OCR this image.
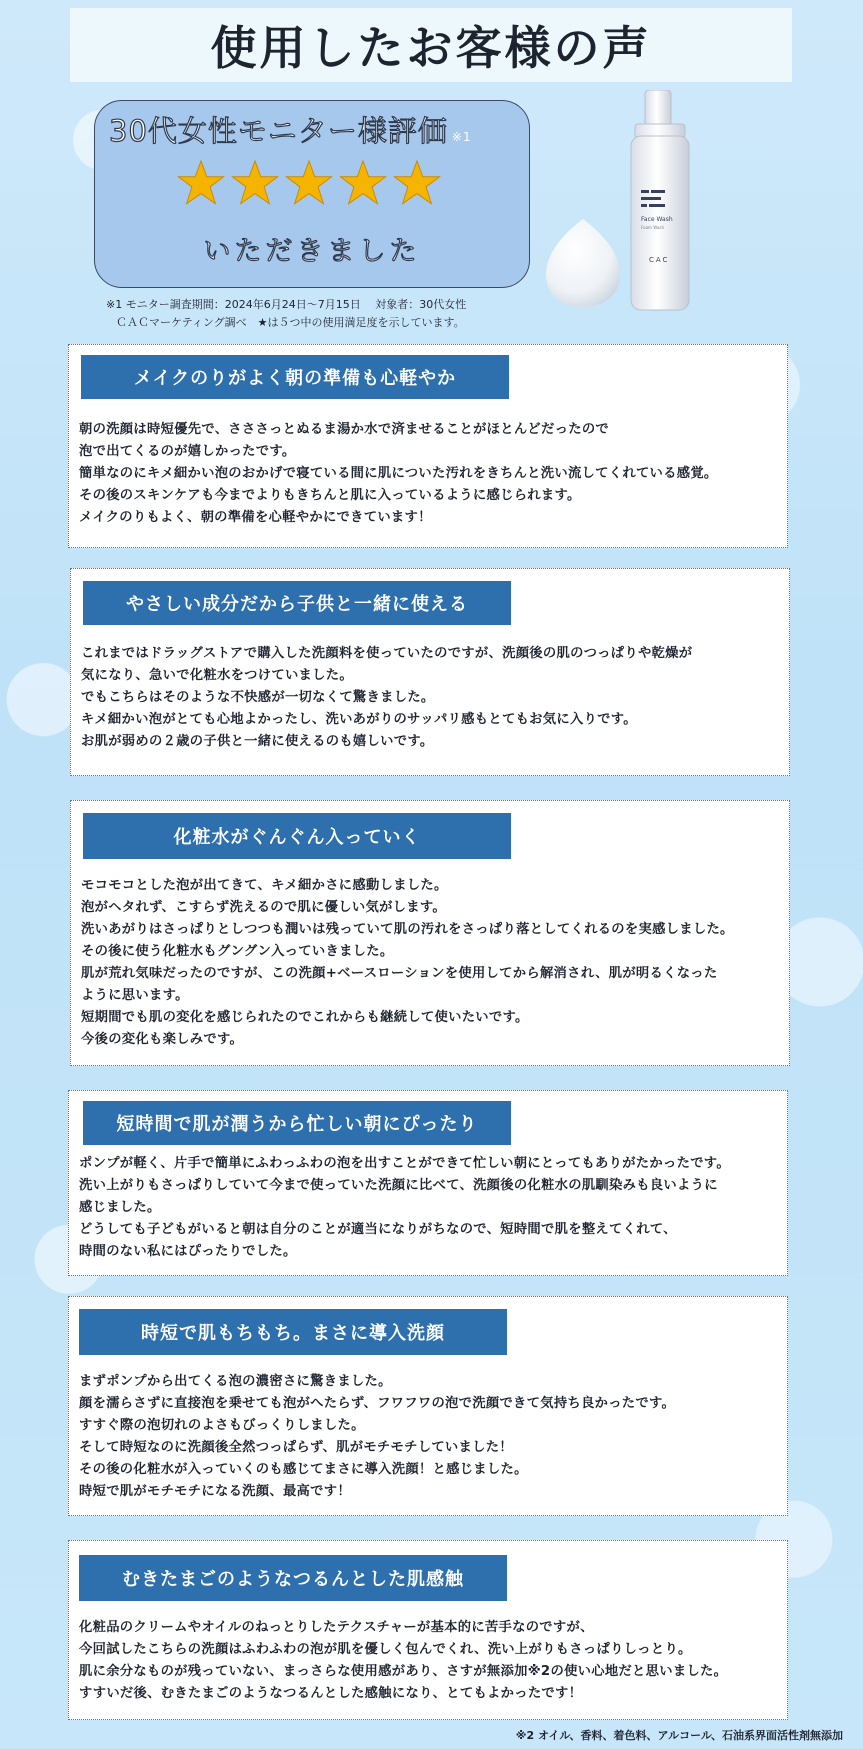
使用したお客様の声
30代女性モニター様評価 ※1
いただきました
Face Wash
Foam Wash
CAC
※1 モニター調査期間：2024年6月24日～7月15日　 対象者：30代女性
ＣＡＣマーケティング調べ　★は５つ中の使用満足度を示しています。
メイクのりがよく朝の準備も心軽やか
朝の洗顔は時短優先で、さささっとぬるま湯か水で済ませることがほとんどだったので
泡で出てくるのが嬉しかったです。
簡単なのにキメ細かい泡のおかげで寝ている間に肌についた汚れをきちんと洗い流してくれている感覚。
その後のスキンケアも今までよりもきちんと肌に入っているように感じられます。
メイクのりもよく、朝の準備を心軽やかにできています！
やさしい成分だから子供と一緒に使える
これまではドラッグストアで購入した洗顔料を使っていたのですが、洗顔後の肌のつっぱりや乾燥が
気になり、急いで化粧水をつけていました。
でもこちらはそのような不快感が一切なくて驚きました。
キメ細かい泡がとても心地よかったし、洗いあがりのサッパリ感もとてもお気に入りです。
お肌が弱めの２歳の子供と一緒に使えるのも嬉しいです。
化粧水がぐんぐん入っていく
モコモコとした泡が出てきて、キメ細かさに感動しました。
泡がヘタれず、こすらず洗えるので肌に優しい気がします。
洗いあがりはさっぱりとしつつも潤いは残っていて肌の汚れをさっぱり落としてくれるのを実感しました。
その後に使う化粧水もグングン入っていきました。
肌が荒れ気味だったのですが、この洗顔+ベースローションを使用してから解消され、肌が明るくなった
ように思います。
短期間でも肌の変化を感じられたのでこれからも継続して使いたいです。
今後の変化も楽しみです。
短時間で肌が潤うから忙しい朝にぴったり
ポンプが軽く、片手で簡単にふわっふわの泡を出すことができて忙しい朝にとってもありがたかったです。
洗い上がりもさっぱりしていて今まで使っていた洗顔に比べて、洗顔後の化粧水の肌馴染みも良いように
感じました。
どうしても子どもがいると朝は自分のことが適当になりがちなので、短時間で肌を整えてくれて、
時間のない私にはぴったりでした。
時短で肌もちもち。まさに導入洗顔
まずポンプから出てくる泡の濃密さに驚きました。
顔を濡らさずに直接泡を乗せても泡がへたらず、フワフワの泡で洗顔できて気持ち良かったです。
すすぐ際の泡切れのよさもびっくりしました。
そして時短なのに洗顔後全然つっぱらず、肌がモチモチしていました！
その後の化粧水が入っていくのも感じてまさに導入洗顔！と感じました。
時短で肌がモチモチになる洗顔、最高です！
むきたまごのようなつるんとした肌感触
化粧品のクリームやオイルのねっとりしたテクスチャーが基本的に苦手なのですが、
今回試したこちらの洗顔はふわふわの泡が肌を優しく包んでくれ、洗い上がりもさっぱりしっとり。
肌に余分なものが残っていない、まっさらな使用感があり、さすが無添加※2の使い心地だと思いました。
すすいだ後、むきたまごのようなつるんとした感触になり、とてもよかったです！
※2 オイル、香料、着色料、アルコール、石油系界面活性剤無添加
